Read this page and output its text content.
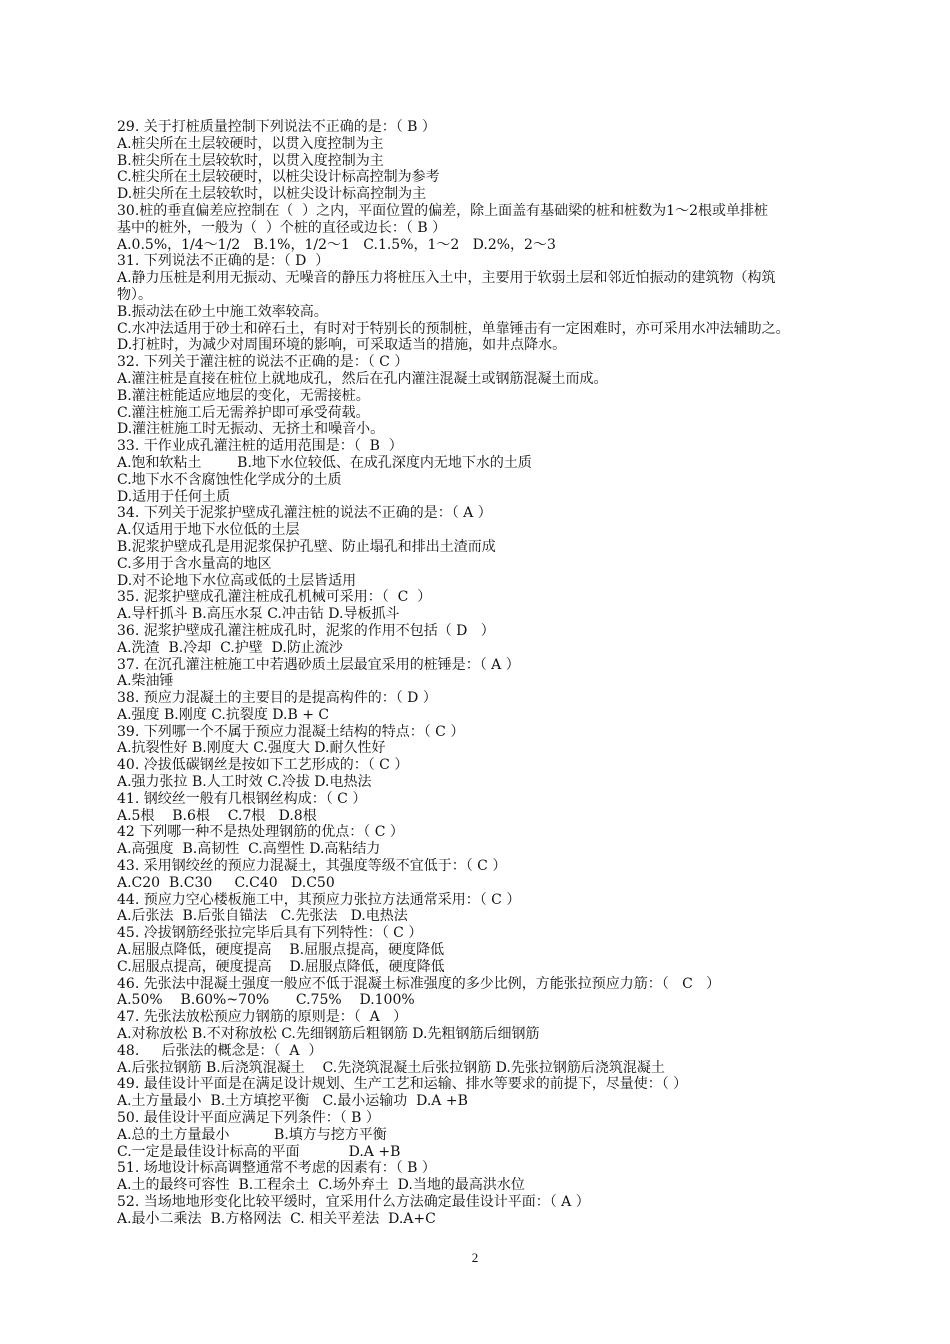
29. 关于打桩质量控制下列说法不正确的是：（ B ）
A.桩尖所在土层较硬时，以贯入度控制为主
B.桩尖所在土层较软时，以贯入度控制为主
C.桩尖所在土层较硬时，以桩尖设计标高控制为参考
D.桩尖所在土层较软时，以桩尖设计标高控制为主
30.桩的垂直偏差应控制在（  ）之内，平面位置的偏差，除上面盖有基础梁的桩和桩数为1～2根或单排桩
基中的桩外，一般为（  ）个桩的直径或边长：（ B ）
A.0.5%，1/4～1/2   B.1%，1/2～1   C.1.5%，1～2   D.2%，2～3
31. 下列说法不正确的是：（ D  ）
A.静力压桩是利用无振动、无噪音的静压力将桩压入土中，主要用于软弱土层和邻近怕振动的建筑物（构筑
物）。
B.振动法在砂土中施工效率较高。
C.水冲法适用于砂土和碎石土，有时对于特别长的预制桩，单靠锤击有一定困难时，亦可采用水冲法辅助之。
D.打桩时，为减少对周围环境的影响，可采取适当的措施，如井点降水。
32. 下列关于灌注桩的说法不正确的是：（ C ）
A.灌注桩是直接在桩位上就地成孔，然后在孔内灌注混凝土或钢筋混凝土而成。
B.灌注桩能适应地层的变化，无需接桩。
C.灌注桩施工后无需养护即可承受荷载。
D.灌注桩施工时无振动、无挤土和噪音小。
33. 干作业成孔灌注桩的适用范围是：（  B  ）
A.饱和软粘土        B.地下水位较低、在成孔深度内无地下水的土质
C.地下水不含腐蚀性化学成分的土质
D.适用于任何土质
34. 下列关于泥浆护壁成孔灌注桩的说法不正确的是：（ A ）
A.仅适用于地下水位低的土层
B.泥浆护壁成孔是用泥浆保护孔壁、防止塌孔和排出土渣而成
C.多用于含水量高的地区
D.对不论地下水位高或低的土层皆适用
35. 泥浆护壁成孔灌注桩成孔机械可采用：（  C  ）
A.导杆抓斗 B.高压水泵 C.冲击钻 D.导板抓斗
36. 泥浆护壁成孔灌注桩成孔时，泥浆的作用不包括（ D   ）
A.洗渣  B.冷却  C.护壁  D.防止流沙
37. 在沉孔灌注桩施工中若遇砂质土层最宜采用的桩锤是：（ A ）
A.柴油锤
38. 预应力混凝土的主要目的是提高构件的：（ D ）
A.强度 B.刚度 C.抗裂度 D.B + C
39. 下列哪一个不属于预应力混凝土结构的特点：（ C ）
A.抗裂性好 B.刚度大 C.强度大 D.耐久性好
40. 冷拔低碳钢丝是按如下工艺形成的：（ C ）
A.强力张拉 B.人工时效 C.冷拔 D.电热法
41. 钢绞丝一般有几根钢丝构成：（ C ）
A.5根    B.6根    C.7根   D.8根
42 下列哪一种不是热处理钢筋的优点：（ C ）
A.高强度  B.高韧性  C.高塑性 D.高粘结力
43. 采用钢绞丝的预应力混凝土，其强度等级不宜低于：（ C ）
A.C20  B.C30     C.C40   D.C50
44. 预应力空心楼板施工中，其预应力张拉方法通常采用：（ C ）
A.后张法  B.后张自锚法   C.先张法   D.电热法
45. 冷拔钢筋经张拉完毕后具有下列特性：（ C ）
A.屈服点降低，硬度提高    B.屈服点提高，硬度降低
C.屈服点提高，硬度提高    D.屈服点降低，硬度降低
46. 先张法中混凝土强度一般应不低于混凝土标准强度的多少比例，方能张拉预应力筋：（   C   ）
A.50%    B.60%~70%      C.75%    D.100%
47. 先张法放松预应力钢筋的原则是：（  A   ）
A.对称放松 B.不对称放松 C.先细钢筋后粗钢筋 D.先粗钢筋后细钢筋
48.     后张法的概念是：（  A  ）
A.后张拉钢筋 B.后浇筑混凝土    C.先浇筑混凝土后张拉钢筋 D.先张拉钢筋后浇筑混凝土
49. 最佳设计平面是在满足设计规划、生产工艺和运输、排水等要求的前提下，尽量使：（ ）
A.土方量最小  B.土方填挖平衡   C.最小运输功  D.A +B
50. 最佳设计平面应满足下列条件：（ B ）
A.总的土方量最小          B.填方与挖方平衡
C.一定是最佳设计标高的平面           D.A +B
51. 场地设计标高调整通常不考虑的因素有：（ B ）
A.土的最终可容性  B.工程余土  C.场外弃土  D.当地的最高洪水位
52. 当场地地形变化比较平缓时，宜采用什么方法确定最佳设计平面：（ A ）
A.最小二乘法  B.方格网法  C. 相关平差法  D.A+C
2
